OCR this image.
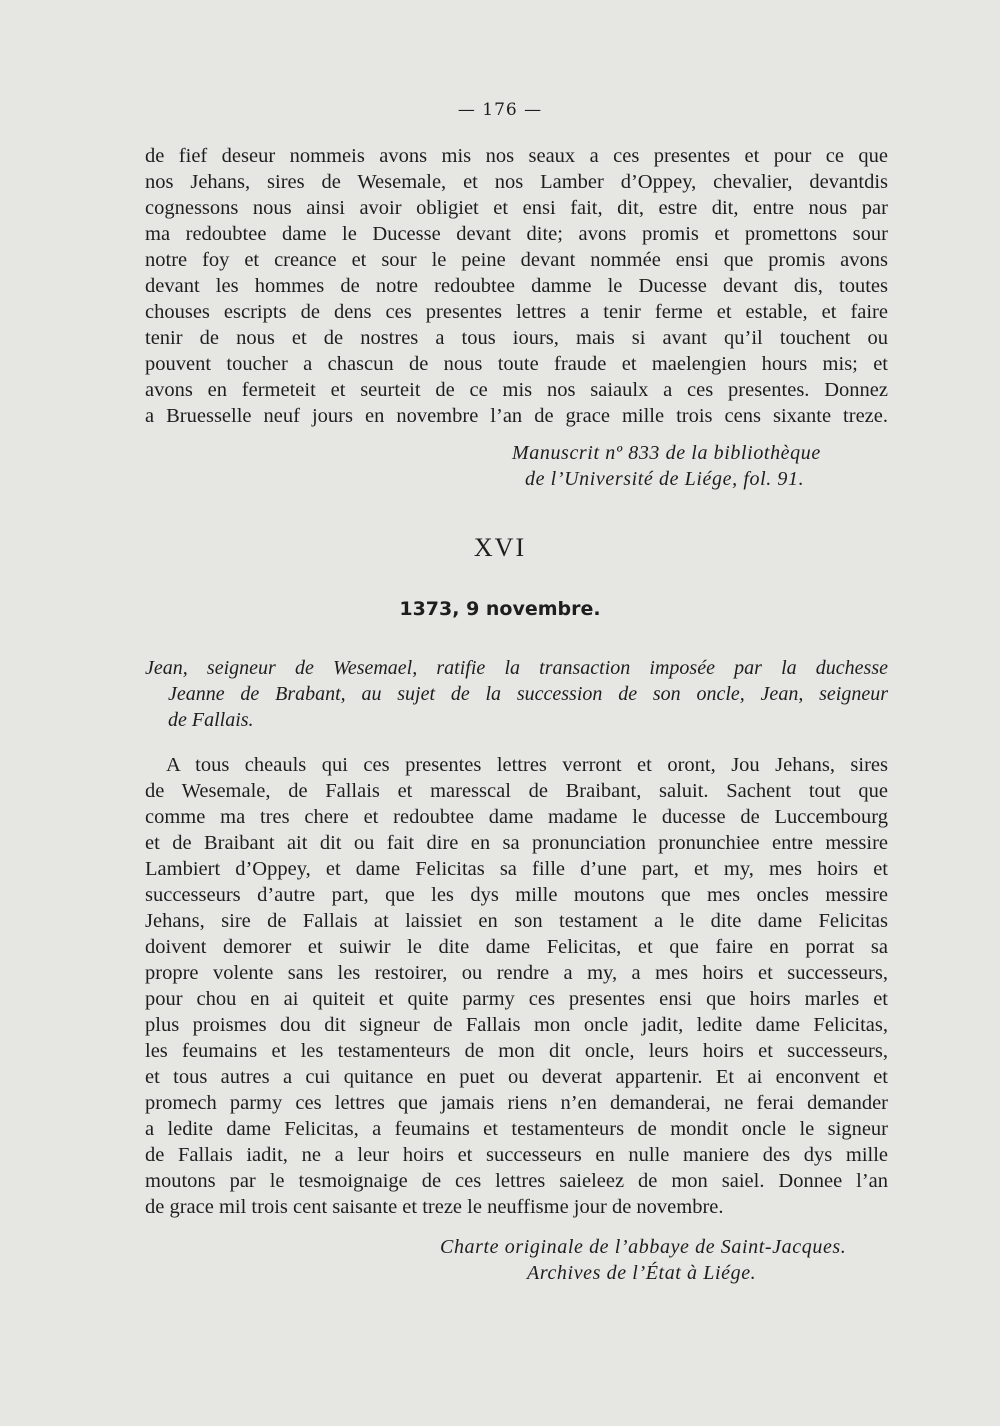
— 176 —
de fief deseur nommeis avons mis nos seaux a ces presentes et pour ce que
nos Jehans, sires de Wesemale, et nos Lamber d’Oppey, chevalier, devantdis
cognessons nous ainsi avoir obligiet et ensi fait, dit, estre dit, entre nous par
ma redoubtee dame le Ducesse devant dite; avons promis et promettons sour
notre foy et creance et sour le peine devant nommée ensi que promis avons
devant les hommes de notre redoubtee damme le Ducesse devant dis, toutes
chouses escripts de dens ces presentes lettres a tenir ferme et estable, et faire
tenir de nous et de nostres a tous iours, mais si avant qu’il touchent ou
pouvent toucher a chascun de nous toute fraude et maelengien hours mis; et
avons en fermeteit et seurteit de ce mis nos saiaulx a ces presentes. Donnez
a Bruesselle neuf jours en novembre l’an de grace mille trois cens sixante treze.
Manuscrit nº 833 de la bibliothèque
de l’Université de Liége, fol. 91.
XVI
1373, 9 novembre.
Jean, seigneur de Wesemael, ratifie la transaction imposée par la duchesse
Jeanne de Brabant, au sujet de la succession de son oncle, Jean, seigneur
de Fallais.
A tous cheauls qui ces presentes lettres verront et oront, Jou Jehans, sires
de Wesemale, de Fallais et maresscal de Braibant, saluit. Sachent tout que
comme ma tres chere et redoubtee dame madame le ducesse de Luccembourg
et de Braibant ait dit ou fait dire en sa pronunciation pronunchiee entre messire
Lambiert d’Oppey, et dame Felicitas sa fille d’une part, et my, mes hoirs et
successeurs d’autre part, que les dys mille moutons que mes oncles messire
Jehans, sire de Fallais at laissiet en son testament a le dite dame Felicitas
doivent demorer et suiwir le dite dame Felicitas, et que faire en porrat sa
propre volente sans les restoirer, ou rendre a my, a mes hoirs et successeurs,
pour chou en ai quiteit et quite parmy ces presentes ensi que hoirs marles et
plus proismes dou dit signeur de Fallais mon oncle jadit, ledite dame Felicitas,
les feumains et les testamenteurs de mon dit oncle, leurs hoirs et successeurs,
et tous autres a cui quitance en puet ou deverat appartenir. Et ai enconvent et
promech parmy ces lettres que jamais riens n’en demanderai, ne ferai demander
a ledite dame Felicitas, a feumains et testamenteurs de mondit oncle le signeur
de Fallais iadit, ne a leur hoirs et successeurs en nulle maniere des dys mille
moutons par le tesmoignaige de ces lettres saieleez de mon saiel. Donnee l’an
de grace mil trois cent saisante et treze le neuffisme jour de novembre.
Charte originale de l’abbaye de Saint-Jacques.
Archives de l’État à Liége.
